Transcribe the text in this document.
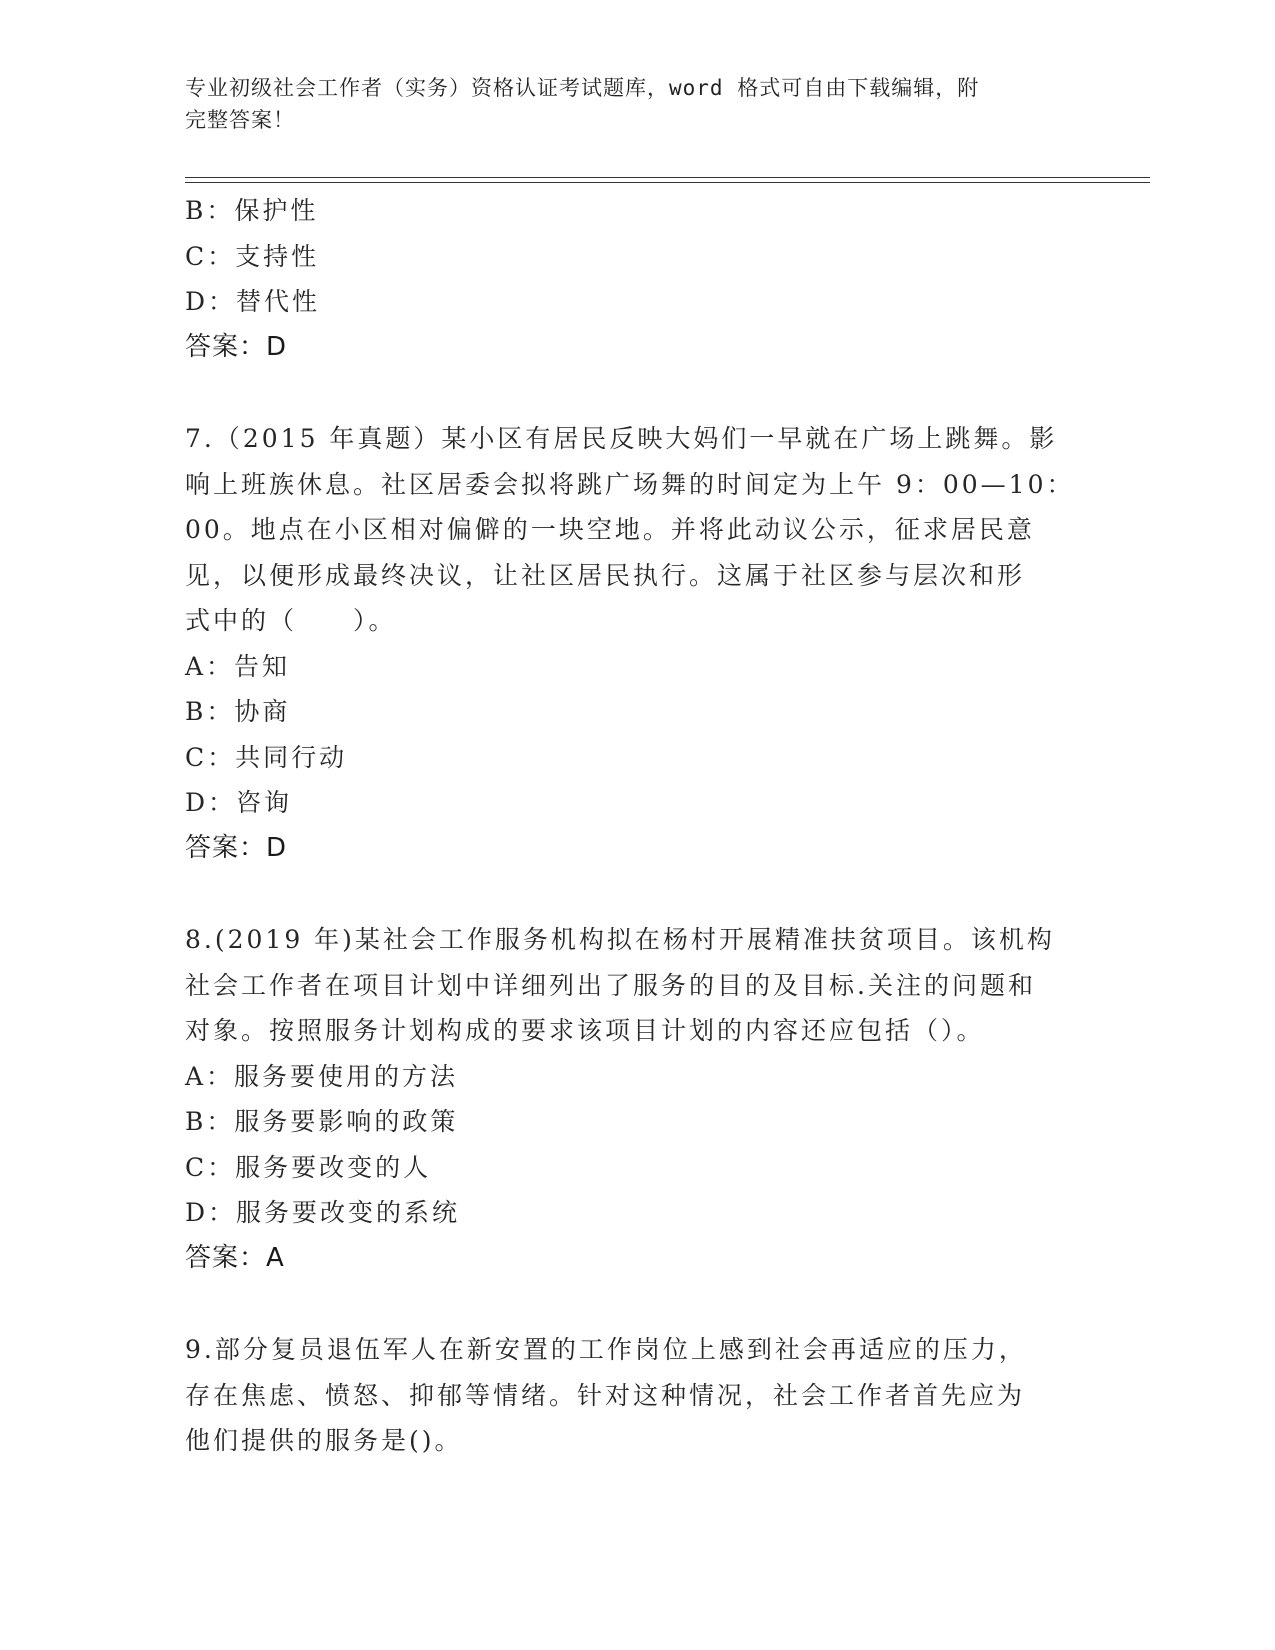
专业初级社会工作者（实务）资格认证考试题库，word 格式可自由下载编辑，附
完整答案！
B：保护性
C：支持性
D：替代性
答案：D
7.（2015 年真题）某小区有居民反映大妈们一早就在广场上跳舞。影
响上班族休息。社区居委会拟将跳广场舞的时间定为上午 9：00—10：
00。地点在小区相对偏僻的一块空地。并将此动议公示，征求居民意
见，以便形成最终决议，让社区居民执行。这属于社区参与层次和形
式中的（　　）。
A：告知
B：协商
C：共同行动
D：咨询
答案：D
8.(2019 年)某社会工作服务机构拟在杨村开展精准扶贫项目。该机构
社会工作者在项目计划中详细列出了服务的目的及目标.关注的问题和
对象。按照服务计划构成的要求该项目计划的内容还应包括（）。
A：服务要使用的方法
B：服务要影响的政策
C：服务要改变的人
D：服务要改变的系统
答案：A
9.部分复员退伍军人在新安置的工作岗位上感到社会再适应的压力，
存在焦虑、愤怒、抑郁等情绪。针对这种情况，社会工作者首先应为
他们提供的服务是()。
